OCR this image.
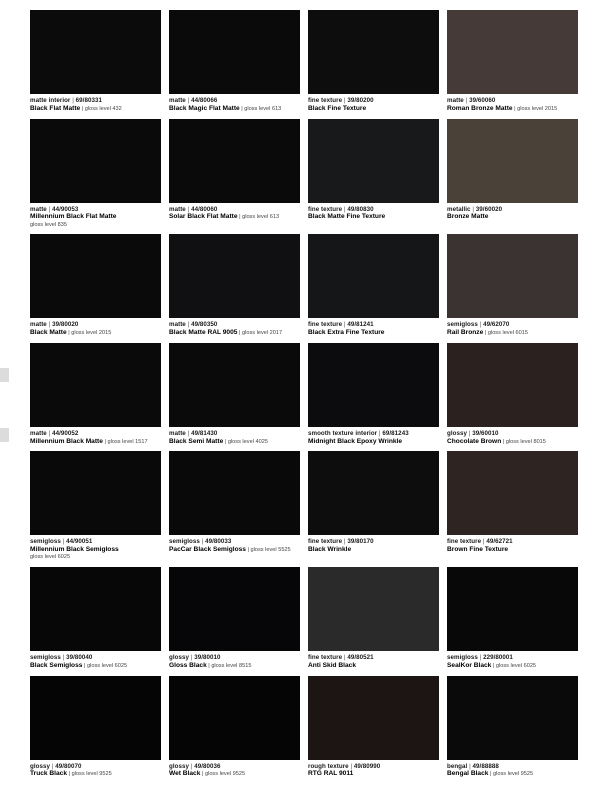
matte interior | 69/80331
Black Flat Matte | gloss level 432
matte | 44/80066
Black Magic Flat Matte | gloss level 613
fine texture | 39/80200
Black Fine Texture
matte | 39/60060
Roman Bronze Matte | gloss level 2015
matte | 44/90053
Millennium Black Flat Matte
gloss level 835
matte | 44/80060
Solar Black Flat Matte | gloss level 613
fine texture | 49/80830
Black Matte Fine Texture
metallic | 39/60020
Bronze Matte
matte | 39/80020
Black Matte | gloss level 2015
matte | 49/80350
Black Matte RAL 9005 | gloss level 2017
fine texture | 49/81241
Black Extra Fine Texture
semigloss | 49/62070
Rail Bronze | gloss level 6015
matte | 44/90052
Millennium Black Matte | gloss level 1517
matte | 49/81430
Black Semi Matte | gloss level 4025
smooth texture interior | 69/81243
Midnight Black Epoxy Wrinkle
glossy | 39/60010
Chocolate Brown | gloss level 8015
semigloss | 44/90051
Millennium Black Semigloss
gloss level 6025
semigloss | 49/80033
PacCar Black Semigloss | gloss level 5525
fine texture | 39/80170
Black Wrinkle
fine texture | 49/62721
Brown Fine Texture
semigloss | 39/80040
Black Semigloss | gloss level 6025
glossy | 39/80010
Gloss Black | gloss level 8515
fine texture | 49/80521
Anti Skid Black
semigloss | 229/80001
SealKor Black | gloss level 6025
glossy | 49/80070
Truck Black | gloss level 9525
glossy | 49/80036
Wet Black | gloss level 9525
rough texture | 49/80990
RTG RAL 9011
bengal | 49/88888
Bengal Black | gloss level 9525
